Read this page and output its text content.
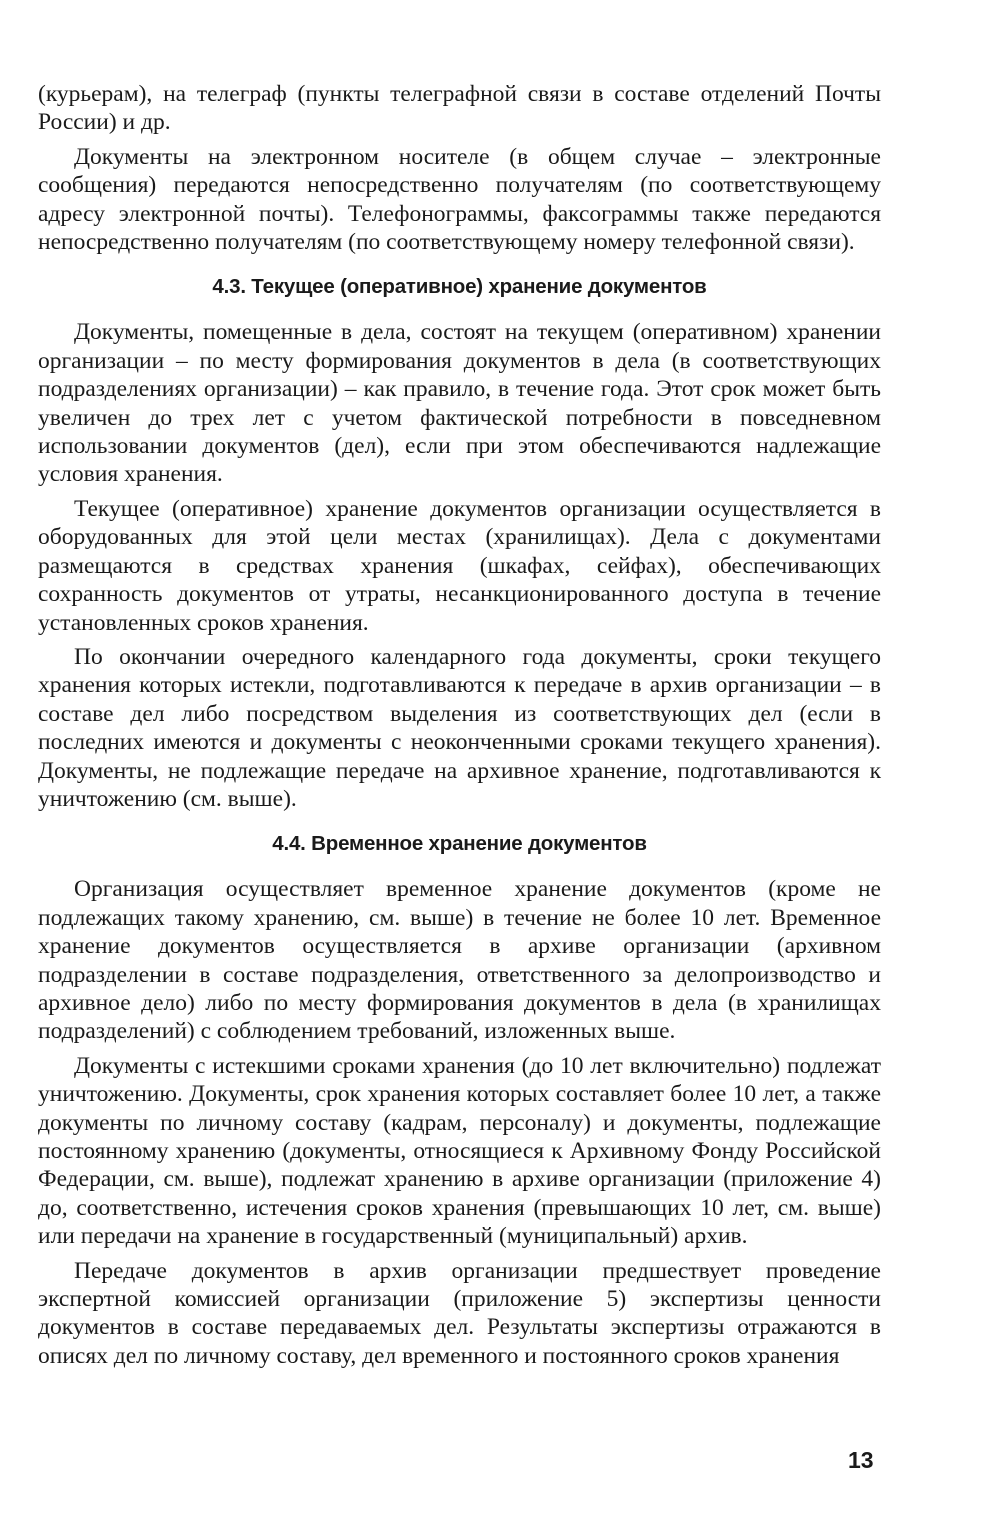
(курьерам), на телеграф (пункты телеграфной связи в составе отделений Почты России) и др.

Документы на электронном носителе (в общем случае – электронные сообщения) передаются непосредственно получателям (по соответствующему адресу электронной почты). Телефонограммы, факсограммы также передаются непосредственно получателям (по соответствующему номеру телефонной связи).

4.3. Текущее (оперативное) хранение документов

Документы, помещенные в дела, состоят на текущем (оперативном) хранении организации – по месту формирования документов в дела (в соответствующих подразделениях организации) – как правило, в течение года. Этот срок может быть увеличен до трех лет с учетом фактической потребности в повседневном использовании документов (дел), если при этом обеспечиваются надлежащие условия хранения.

Текущее (оперативное) хранение документов организации осуществляется в оборудованных для этой цели местах (хранилищах). Дела с документами размещаются в средствах хранения (шкафах, сейфах), обеспечивающих сохранность документов от утраты, несанкционированного доступа в течение установленных сроков хранения.

По окончании очередного календарного года документы, сроки текущего хранения которых истекли, подготавливаются к передаче в архив организации – в составе дел либо посредством выделения из соответствующих дел (если в последних имеются и документы с неоконченными сроками текущего хранения). Документы, не подлежащие передаче на архивное хранение, подготавливаются к уничтожению (см. выше).

4.4. Временное хранение документов

Организация осуществляет временное хранение документов (кроме не подлежащих такому хранению, см. выше) в течение не более 10 лет. Временное хранение документов осуществляется в архиве организации (архивном подразделении в составе подразделения, ответственного за делопроизводство и архивное дело) либо по месту формирования документов в дела (в хранилищах подразделений) с соблюдением требований, изложенных выше.

Документы с истекшими сроками хранения (до 10 лет включительно) подлежат уничтожению. Документы, срок хранения которых составляет более 10 лет, а также документы по личному составу (кадрам, персоналу) и документы, подлежащие постоянному хранению (документы, относящиеся к Архивному Фонду Российской Федерации, см. выше), подлежат хранению в архиве организации (приложение 4) до, соответственно, истечения сроков хранения (превышающих 10 лет, см. выше) или передачи на хранение в государственный (муниципальный) архив.

Передаче документов в архив организации предшествует проведение экспертной комиссией организации (приложение 5) экспертизы ценности документов в составе передаваемых дел. Результаты экспертизы отражаются в описях дел по личному составу, дел временного и постоянного сроков хранения

13
